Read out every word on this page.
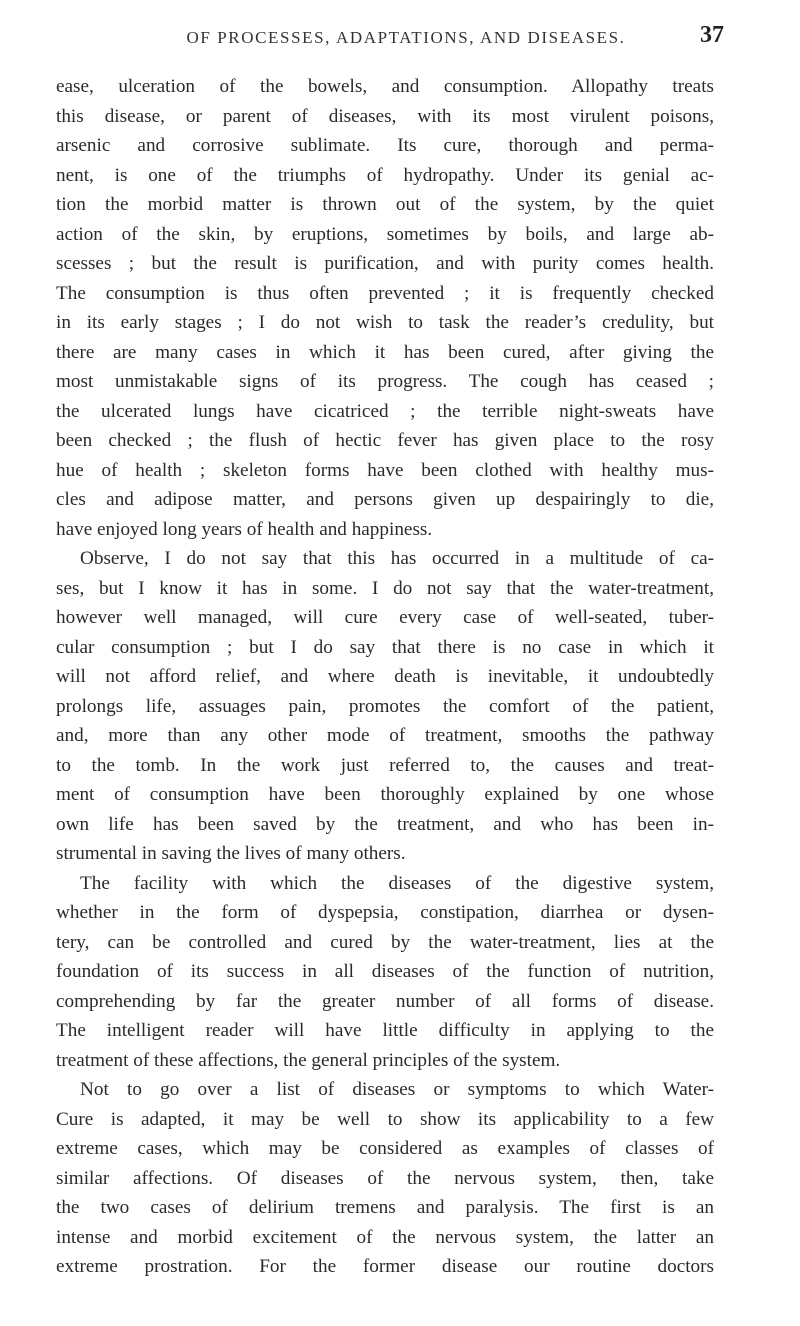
OF PROCESSES, ADAPTATIONS, AND DISEASES.	37
ease, ulceration of the bowels, and consumption. Allopathy treats
this disease, or parent of diseases, with its most virulent poisons,
arsenic and corrosive sublimate. Its cure, thorough and perma-
nent, is one of the triumphs of hydropathy. Under its genial ac-
tion the morbid matter is thrown out of the system, by the quiet
action of the skin, by eruptions, sometimes by boils, and large ab-
scesses ; but the result is purification, and with purity comes health.
The consumption is thus often prevented ; it is frequently checked
in its early stages ; I do not wish to task the reader’s credulity, but
there are many cases in which it has been cured, after giving the
most unmistakable signs of its progress. The cough has ceased ;
the ulcerated lungs have cicatriced ; the terrible night-sweats have
been checked ; the flush of hectic fever has given place to the rosy
hue of health ; skeleton forms have been clothed with healthy mus-
cles and adipose matter, and persons given up despairingly to die,
have enjoyed long years of health and happiness.
Observe, I do not say that this has occurred in a multitude of ca-
ses, but I know it has in some. I do not say that the water-treatment,
however well managed, will cure every case of well-seated, tuber-
cular consumption ; but I do say that there is no case in which it
will not afford relief, and where death is inevitable, it undoubtedly
prolongs life, assuages pain, promotes the comfort of the patient,
and, more than any other mode of treatment, smooths the pathway
to the tomb. In the work just referred to, the causes and treat-
ment of consumption have been thoroughly explained by one whose
own life has been saved by the treatment, and who has been in-
strumental in saving the lives of many others.
The facility with which the diseases of the digestive system,
whether in the form of dyspepsia, constipation, diarrhea or dysen-
tery, can be controlled and cured by the water-treatment, lies at the
foundation of its success in all diseases of the function of nutrition,
comprehending by far the greater number of all forms of disease.
The intelligent reader will have little difficulty in applying to the
treatment of these affections, the general principles of the system.
Not to go over a list of diseases or symptoms to which Water-
Cure is adapted, it may be well to show its applicability to a few
extreme cases, which may be considered as examples of classes of
similar affections. Of diseases of the nervous system, then, take
the two cases of delirium tremens and paralysis. The first is an
intense and morbid excitement of the nervous system, the latter an
extreme prostration. For the former disease our routine doctors
